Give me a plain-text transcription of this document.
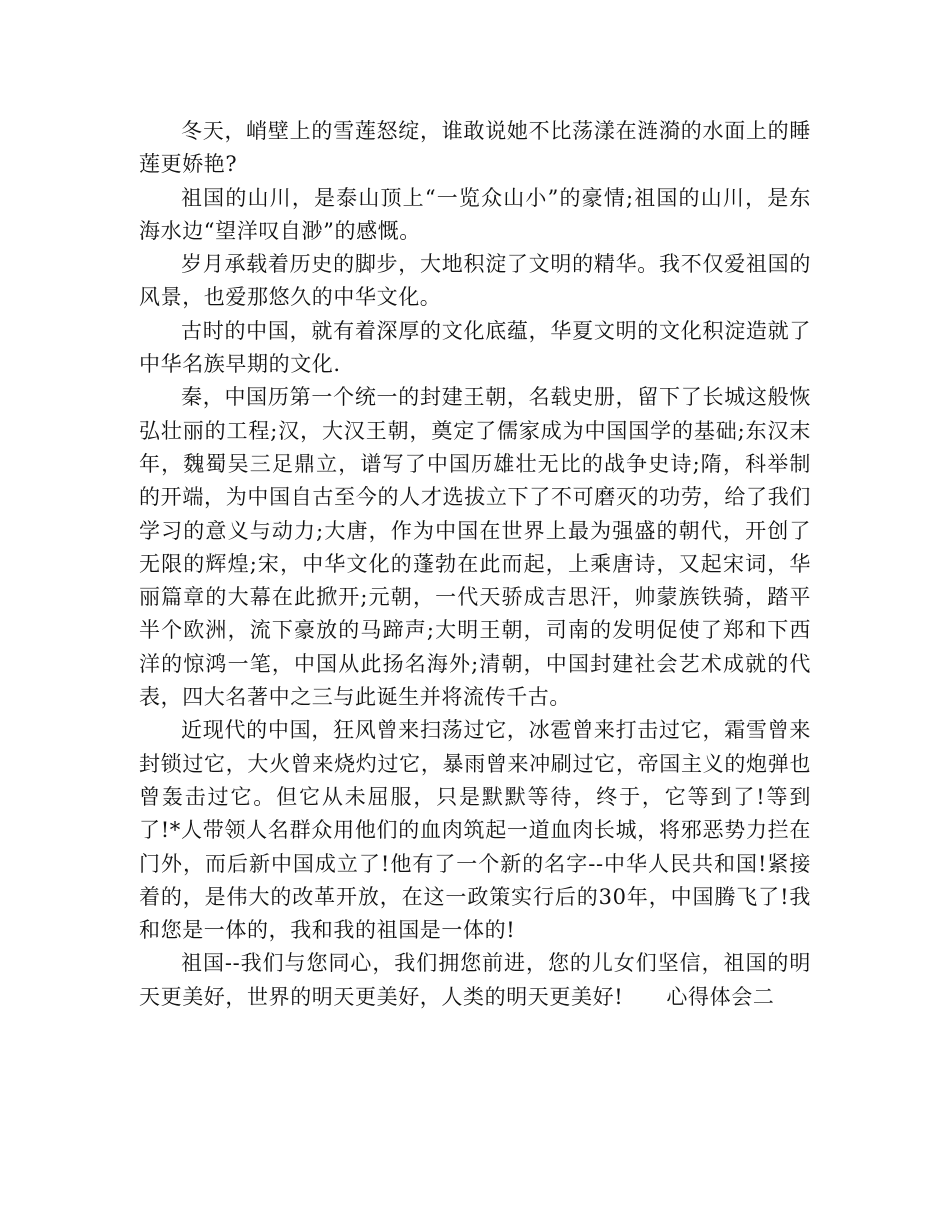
冬天，峭壁上的雪莲怒绽，谁敢说她不比荡漾在涟漪的水面上的睡莲更娇艳?

祖国的山川，是泰山顶上“一览众山小”的豪情;祖国的山川，是东海水边“望洋叹自渺”的感慨。

岁月承载着历史的脚步，大地积淀了文明的精华。我不仅爱祖国的风景，也爱那悠久的中华文化。

古时的中国，就有着深厚的文化底蕴，华夏文明的文化积淀造就了中华名族早期的文化.

秦，中国历第一个统一的封建王朝，名载史册，留下了长城这般恢弘壮丽的工程;汉，大汉王朝，奠定了儒家成为中国国学的基础;东汉末年，魏蜀吴三足鼎立，谱写了中国历雄壮无比的战争史诗;隋，科举制的开端，为中国自古至今的人才选拔立下了不可磨灭的功劳，给了我们学习的意义与动力;大唐，作为中国在世界上最为强盛的朝代，开创了无限的辉煌;宋，中华文化的蓬勃在此而起，上乘唐诗，又起宋词，华丽篇章的大幕在此掀开;元朝，一代天骄成吉思汗，帅蒙族铁骑，踏平半个欧洲，流下豪放的马蹄声;大明王朝，司南的发明促使了郑和下西洋的惊鸿一笔，中国从此扬名海外;清朝，中国封建社会艺术成就的代表，四大名著中之三与此诞生并将流传千古。

近现代的中国，狂风曾来扫荡过它，冰雹曾来打击过它，霜雪曾来封锁过它，大火曾来烧灼过它，暴雨曾来冲刷过它，帝国主义的炮弹也曾轰击过它。但它从未屈服，只是默默等待，终于，它等到了!等到了!*人带领人名群众用他们的血肉筑起一道血肉长城，将邪恶势力拦在门外，而后新中国成立了!他有了一个新的名字--中华人民共和国!紧接着的，是伟大的改革开放，在这一政策实行后的30年，中国腾飞了!我和您是一体的，我和我的祖国是一体的!

祖国--我们与您同心，我们拥您前进，您的儿女们坚信，祖国的明天更美好，世界的明天更美好，人类的明天更美好!　　心得体会二
